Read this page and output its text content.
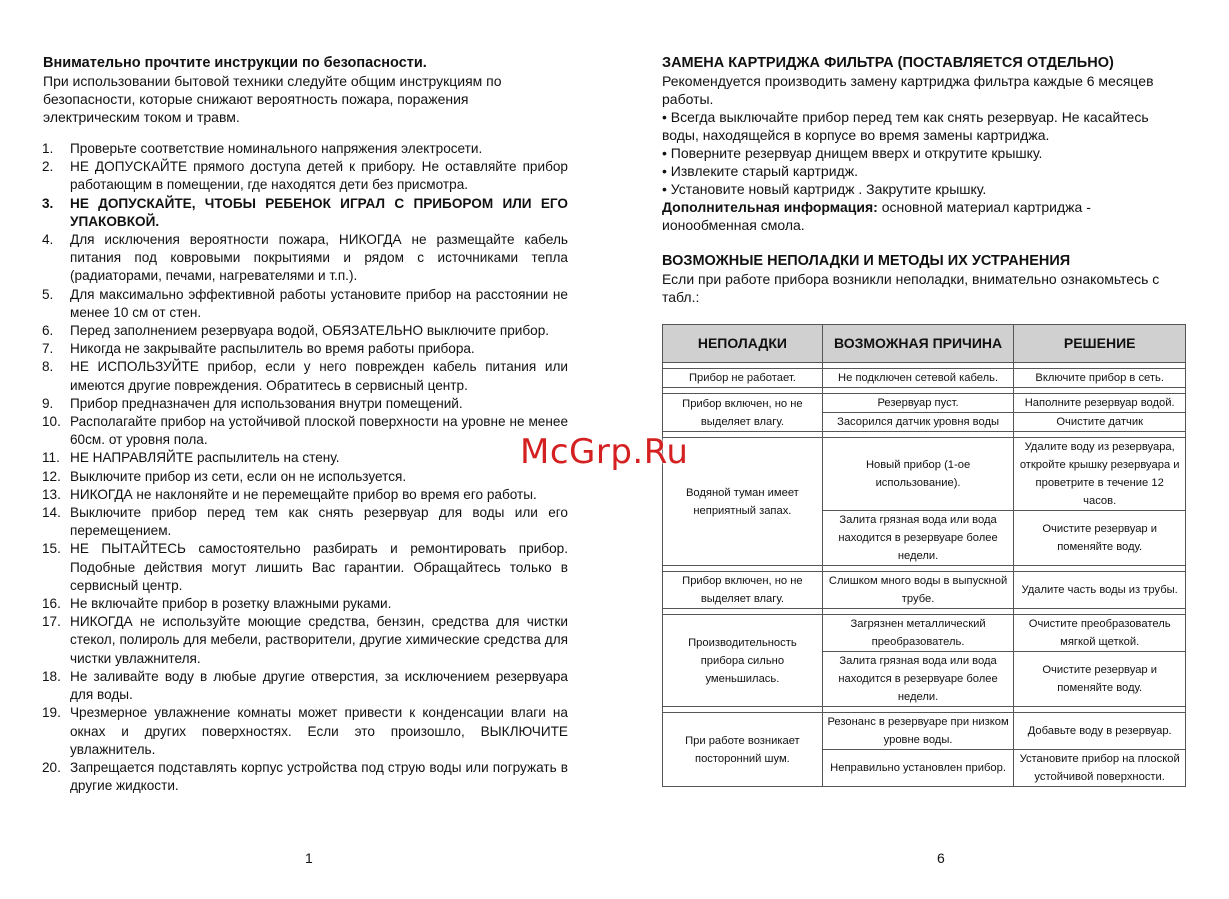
Внимательно прочтите инструкции по безопасности.
При использовании бытовой техники следуйте общим инструкциям по безопасности, которые снижают вероятность пожара, поражения электрическим током и травм.
1. Проверьте соответствие номинального напряжения электросети.
2. НЕ ДОПУСКАЙТЕ прямого доступа детей к прибору. Не оставляйте прибор работающим в помещении, где находятся дети без присмотра.
3. НЕ ДОПУСКАЙТЕ, ЧТОБЫ РЕБЕНОК ИГРАЛ С ПРИБОРОМ ИЛИ ЕГО УПАКОВКОЙ.
4. Для исключения вероятности пожара, НИКОГДА не размещайте кабель питания под ковровыми покрытиями и рядом с источниками тепла (радиаторами, печами, нагревателями и т.п.).
5. Для максимально эффективной работы установите прибор на расстоянии не менее 10 см от стен.
6. Перед заполнением резервуара водой, ОБЯЗАТЕЛЬНО выключите прибор.
7. Никогда не закрывайте распылитель во время работы прибора.
8. НЕ ИСПОЛЬЗУЙТЕ прибор, если у него поврежден кабель питания или имеются другие повреждения. Обратитесь в сервисный центр.
9. Прибор предназначен для использования внутри помещений.
10. Располагайте прибор на устойчивой плоской поверхности на уровне не менее 60см. от уровня пола.
11. НЕ НАПРАВЛЯЙТЕ распылитель на стену.
12. Выключите прибор из сети, если он не используется.
13. НИКОГДА не наклоняйте и не перемещайте прибор во время его работы.
14. Выключите прибор перед тем как снять резервуар для воды или его перемещением.
15. НЕ ПЫТАЙТЕСЬ самостоятельно разбирать и ремонтировать прибор. Подобные действия могут лишить Вас гарантии. Обращайтесь только в сервисный центр.
16. Не включайте прибор в розетку влажными руками.
17. НИКОГДА не используйте моющие средства, бензин, средства для чистки стекол, полироль для мебели, растворители, другие химические средства для чистки увлажнителя.
18. Не заливайте воду в любые другие отверстия, за исключением резервуара для воды.
19. Чрезмерное увлажнение комнаты может привести к конденсации влаги на окнах и других поверхностях. Если это произошло, ВЫКЛЮЧИТЕ увлажнитель.
20. Запрещается подставлять корпус устройства под струю воды или погружать в другие жидкости.
1

ЗАМЕНА КАРТРИДЖА ФИЛЬТРА (ПОСТАВЛЯЕТСЯ ОТДЕЛЬНО)

Рекомендуется производить замену картриджа фильтра каждые 6 месяцев работы.

• Всегда выключайте прибор перед тем как снять резервуар. Не касайтесь воды, находящейся в корпусе во время замены картриджа.

• Поверните резервуар днищем вверх и открутите крышку.

• Извлеките старый картридж.

• Установите новый картридж . Закрутите крышку.

Дополнительная информация: основной материал картриджа - ионообменная смола.

ВОЗМОЖНЫЕ НЕПОЛАДКИ И МЕТОДЫ ИХ УСТРАНЕНИЯ

Если при работе прибора возникли неполадки, внимательно ознакомьтесь с табл.:

НЕПОЛАДКИ	ВОЗМОЖНАЯ ПРИЧИНА	РЕШЕНИЕ

Прибор не работает.	Не подключен сетевой кабель.	Включите прибор в сеть.

Прибор включен, но не выделяет влагу.	Резервуар пуст.	Наполните резервуар водой.
	Засорился датчик уровня воды	Очистите датчик

Водяной туман имеет неприятный запах.	Новый прибор (1-ое использование).	Удалите воду из резервуара, откройте крышку резервуара и проветрите в течение 12 часов.
	Залита грязная вода или вода находится в резервуаре более недели.	Очистите резервуар и поменяйте воду.

Прибор включен, но не выделяет влагу.	Слишком много воды в выпускной трубе.	Удалите часть воды из трубы.

Производительность прибора сильно уменьшилась.	Загрязнен металлический преобразователь.	Очистите преобразователь мягкой щеткой.
	Залита грязная вода или вода находится в резервуаре более недели.	Очистите резервуар и поменяйте воду.

При работе возникает посторонний шум.	Резонанс в резервуаре при низком уровне воды.	Добавьте воду в резервуар.
	Неправильно установлен прибор.	Установите прибор на плоской устойчивой поверхности.
6
McGrp.Ru
